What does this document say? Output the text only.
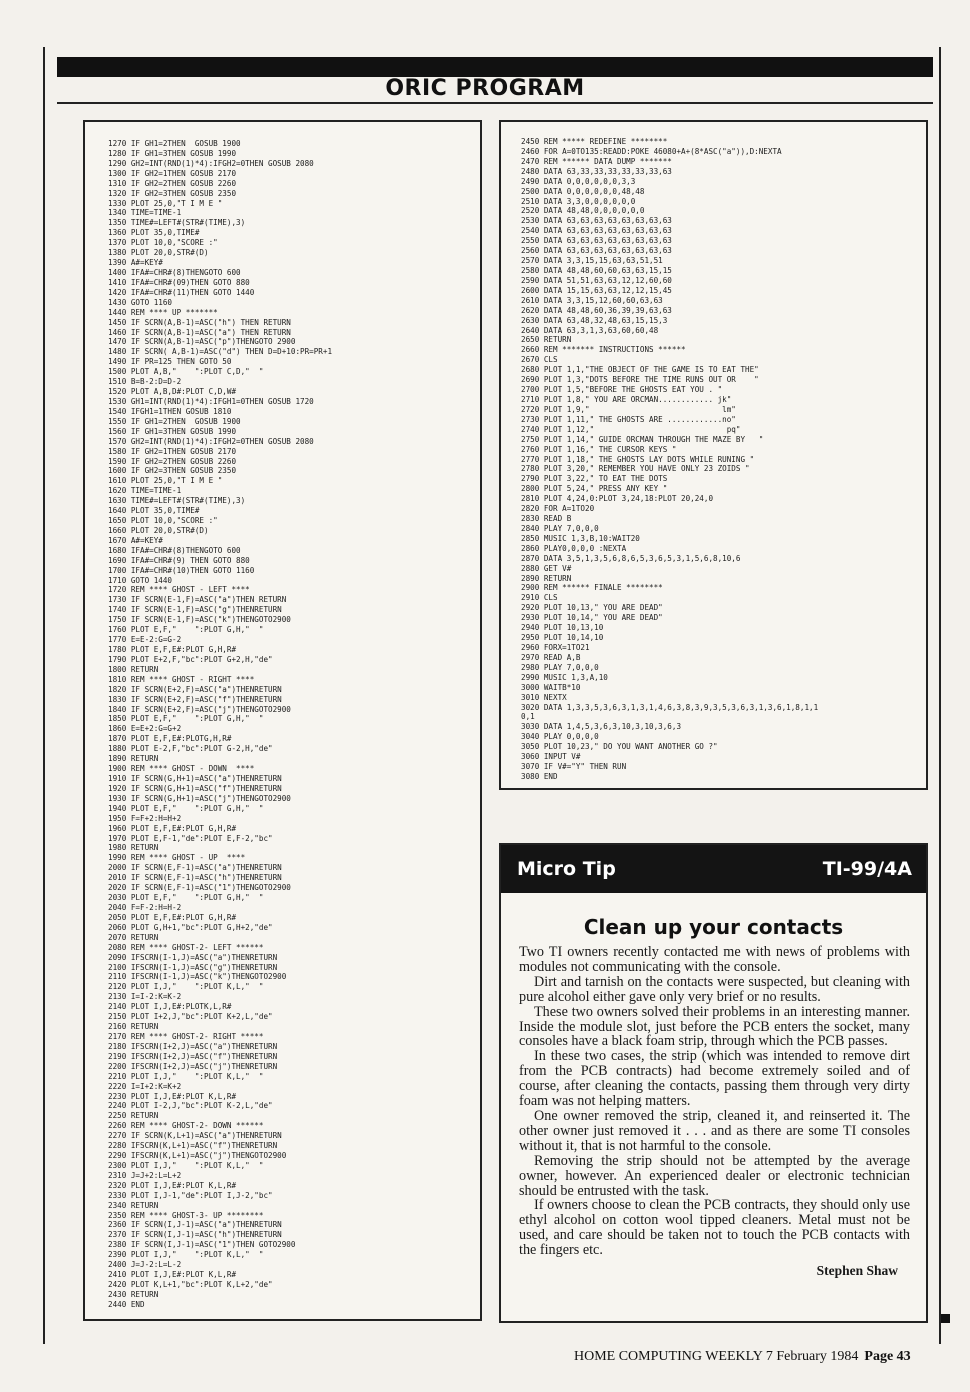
ORIC PROGRAM
1270 IF GH1=2THEN  GOSUB 1900
1280 IF GH1=3THEN GOSUB 1990
1290 GH2=INT(RND(1)*4):IFGH2=0THEN GOSUB 2080
1300 IF GH2=1THEN GOSUB 2170
1310 IF GH2=2THEN GOSUB 2260
1320 IF GH2=3THEN GOSUB 2350
1330 PLOT 25,0,"T I M E "
1340 TIME=TIME-1
1350 TIME#=LEFT#(STR#(TIME),3)
1360 PLOT 35,0,TIME#
1370 PLOT 10,0,"SCORE :"
1380 PLOT 20,0,STR#(D)
1390 A#=KEY#
1400 IFA#=CHR#(8)THENGOTO 600
1410 IFA#=CHR#(09)THEN GOTO 880
1420 IFA#=CHR#(11)THEN GOTO 1440
1430 GOTO 1160
1440 REM **** UP *******
1450 IF SCRN(A,B-1)=ASC("h") THEN RETURN
1460 IF SCRN(A,B-1)=ASC("a") THEN RETURN
1470 IF SCRN(A,B-1)=ASC("p")THENGOTO 2900
1480 IF SCRN( A,B-1)=ASC("d") THEN D=D+10:PR=PR+1
1490 IF PR=125 THEN GOTO 50
1500 PLOT A,B,"    ":PLOT C,D,"  "
1510 B=B-2:D=D-2
1520 PLOT A,B,D#:PLOT C,D,W#
1530 GH1=INT(RND(1)*4):IFGH1=0THEN GOSUB 1720
1540 IFGH1=1THEN GOSUB 1810
1550 IF GH1=2THEN  GOSUB 1900
1560 IF GH1=3THEN GOSUB 1990
1570 GH2=INT(RND(1)*4):IFGH2=0THEN GOSUB 2080
1580 IF GH2=1THEN GOSUB 2170
1590 IF GH2=2THEN GOSUB 2260
1600 IF GH2=3THEN GOSUB 2350
1610 PLOT 25,0,"T I M E "
1620 TIME=TIME-1
1630 TIME#=LEFT#(STR#(TIME),3)
1640 PLOT 35,0,TIME#
1650 PLOT 10,0,"SCORE :"
1660 PLOT 20,0,STR#(D)
1670 A#=KEY#
1680 IFA#=CHR#(8)THENGOTO 600
1690 IFA#=CHR#(9) THEN GOTO 880
1700 IFA#=CHR#(10)THEN GOTO 1160
1710 GOTO 1440
1720 REM **** GHOST - LEFT ****
1730 IF SCRN(E-1,F)=ASC("a")THEN RETURN
1740 IF SCRN(E-1,F)=ASC("g")THENRETURN
1750 IF SCRN(E-1,F)=ASC("k")THENGOTO2900
1760 PLOT E,F,"    ":PLOT G,H,"  "
1770 E=E-2:G=G-2
1780 PLOT E,F,E#:PLOT G,H,R#
1790 PLOT E+2,F,"bc":PLOT G+2,H,"de"
1800 RETURN
1810 REM **** GHOST - RIGHT ****
1820 IF SCRN(E+2,F)=ASC("a")THENRETURN
1830 IF SCRN(E+2,F)=ASC("f")THENRETURN
1840 IF SCRN(E+2,F)=ASC("j")THENGOTO2900
1850 PLOT E,F,"    ":PLOT G,H,"  "
1860 E=E+2:G=G+2
1870 PLOT E,F,E#:PLOTG,H,R#
1880 PLOT E-2,F,"bc":PLOT G-2,H,"de"
1890 RETURN
1900 REM **** GHOST - DOWN  ****
1910 IF SCRN(G,H+1)=ASC("a")THENRETURN
1920 IF SCRN(G,H+1)=ASC("f")THENRETURN
1930 IF SCRN(G,H+1)=ASC("j")THENGOTO2900
1940 PLOT E,F,"    ":PLOT G,H,"  "
1950 F=F+2:H=H+2
1960 PLOT E,F,E#:PLOT G,H,R#
1970 PLOT E,F-1,"de":PLOT E,F-2,"bc"
1980 RETURN
1990 REM **** GHOST - UP  ****
2000 IF SCRN(E,F-1)=ASC("a")THENRETURN
2010 IF SCRN(E,F-1)=ASC("h")THENRETURN
2020 IF SCRN(E,F-1)=ASC("1")THENGOTO2900
2030 PLOT E,F,"    ":PLOT G,H,"  "
2040 F=F-2:H=H-2
2050 PLOT E,F,E#:PLOT G,H,R#
2060 PLOT G,H+1,"bc":PLOT G,H+2,"de"
2070 RETURN
2080 REM **** GHOST-2- LEFT ******
2090 IFSCRN(I-1,J)=ASC("a")THENRETURN
2100 IFSCRN(I-1,J)=ASC("g")THENRETURN
2110 IFSCRN(I-1,J)=ASC("k")THENGOTO2900
2120 PLOT I,J,"    ":PLOT K,L,"  "
2130 I=I-2:K=K-2
2140 PLOT I,J,E#:PLOTK,L,R#
2150 PLOT I+2,J,"bc":PLOT K+2,L,"de"
2160 RETURN
2170 REM **** GHOST-2- RIGHT *****
2180 IFSCRN(I+2,J)=ASC("a")THENRETURN
2190 IFSCRN(I+2,J)=ASC("f")THENRETURN
2200 IFSCRN(I+2,J)=ASC("j")THENRETURN
2210 PLOT I,J,"    ":PLOT K,L,"  "
2220 I=I+2:K=K+2
2230 PLOT I,J,E#:PLOT K,L,R#
2240 PLOT I-2,J,"bc":PLOT K-2,L,"de"
2250 RETURN
2260 REM **** GHOST-2- DOWN ******
2270 IF SCRN(K,L+1)=ASC("a")THENRETURN
2280 IFSCRN(K,L+1)=ASC("f")THENRETURN
2290 IFSCRN(K,L+1)=ASC("j")THENGOTO2900
2300 PLOT I,J,"    ":PLOT K,L,"  "
2310 J=J+2:L=L+2
2320 PLOT I,J,E#:PLOT K,L,R#
2330 PLOT I,J-1,"de":PLOT I,J-2,"bc"
2340 RETURN
2350 REM **** GHOST-3- UP ********
2360 IF SCRN(I,J-1)=ASC("a")THENRETURN
2370 IF SCRN(I,J-1)=ASC("h")THENRETURN
2380 IF SCRN(I,J-1)=ASC("1")THEN GOTO2900
2390 PLOT I,J,"    ":PLOT K,L,"  "
2400 J=J-2:L=L-2
2410 PLOT I,J,E#:PLOT K,L,R#
2420 PLOT K,L+1,"bc":PLOT K,L+2,"de"
2430 RETURN
2440 END
2450 REM ***** REDEFINE ********
2460 FOR A=0TO135:READD:POKE 46080+A+(8*ASC("a")),D:NEXTA
2470 REM ****** DATA DUMP *******
2480 DATA 63,33,33,33,33,33,33,63
2490 DATA 0,0,0,0,0,0,3,3
2500 DATA 0,0,0,0,0,0,48,48
2510 DATA 3,3,0,0,0,0,0,0
2520 DATA 48,48,0,0,0,0,0,0
2530 DATA 63,63,63,63,63,63,63,63
2540 DATA 63,63,63,63,63,63,63,63
2550 DATA 63,63,63,63,63,63,63,63
2560 DATA 63,63,63,63,63,63,63,63
2570 DATA 3,3,15,15,63,63,51,51
2580 DATA 48,48,60,60,63,63,15,15
2590 DATA 51,51,63,63,12,12,60,60
2600 DATA 15,15,63,63,12,12,15,45
2610 DATA 3,3,15,12,60,60,63,63
2620 DATA 48,48,60,36,39,39,63,63
2630 DATA 63,48,32,48,63,15,15,3
2640 DATA 63,3,1,3,63,60,60,48
2650 RETURN
2660 REM ******* INSTRUCTIONS ******
2670 CLS
2680 PLOT 1,1,"THE OBJECT OF THE GAME IS TO EAT THE"
2690 PLOT 1,3,"DOTS BEFORE THE TIME RUNS OUT OR    "
2700 PLOT 1,5,"BEFORE THE GHOSTS EAT YOU . "
2710 PLOT 1,8," YOU ARE ORCMAN............ jk"
2720 PLOT 1,9,"                             lm"
2730 PLOT 1,11," THE GHOSTS ARE ............no"
2740 PLOT 1,12,"                             pq"
2750 PLOT 1,14," GUIDE ORCMAN THROUGH THE MAZE BY   "
2760 PLOT 1,16," THE CURSOR KEYS "
2770 PLOT 1,18," THE GHOSTS LAY DOTS WHILE RUNING "
2780 PLOT 3,20," REMEMBER YOU HAVE ONLY 23 ZOIDS "
2790 PLOT 3,22," TO EAT THE DOTS
2800 PLOT 5,24," PRESS ANY KEY "
2810 PLOT 4,24,0:PLOT 3,24,18:PLOT 20,24,0
2820 FOR A=1TO20
2830 READ B
2840 PLAY 7,0,0,0
2850 MUSIC 1,3,B,10:WAIT20
2860 PLAY0,0,0,0 :NEXTA
2870 DATA 3,5,1,3,5,6,8,6,5,3,6,5,3,1,5,6,8,10,6
2880 GET V#
2890 RETURN
2900 REM ****** FINALE ********
2910 CLS
2920 PLOT 10,13," YOU ARE DEAD"
2930 PLOT 10,14," YOU ARE DEAD"
2940 PLOT 10,13,10
2950 PLOT 10,14,10
2960 FORX=1TO21
2970 READ A,B
2980 PLAY 7,0,0,0
2990 MUSIC 1,3,A,10
3000 WAITB*10
3010 NEXTX
3020 DATA 1,3,3,5,3,6,3,1,3,1,4,6,3,8,3,9,3,5,3,6,3,1,3,6,1,8,1,1
0,1
3030 DATA 1,4,5,3,6,3,10,3,10,3,6,3
3040 PLAY 0,0,0,0
3050 PLOT 10,23," DO YOU WANT ANOTHER GO ?"
3060 INPUT V#
3070 IF V#="Y" THEN RUN
3080 END
Micro Tip	TI-99/4A
Clean up your contacts

Two TI owners recently contacted me with news of problems with modules not communicating with the console.

Dirt and tarnish on the contacts were suspected, but cleaning with pure alcohol either gave only very brief or no results.

These two owners solved their problems in an interesting manner. Inside the module slot, just before the PCB enters the socket, many consoles have a black foam strip, through which the PCB passes.

In these two cases, the strip (which was intended to remove dirt from the PCB contracts) had become extremely soiled and of course, after cleaning the contacts, passing them through very dirty foam was not helping matters.

One owner removed the strip, cleaned it, and reinserted it. The other owner just removed it . . . and as there are some TI consoles without it, that is not harmful to the console.

Removing the strip should not be attempted by the average owner, however. An experienced dealer or electronic technician should be entrusted with the task.

If owners choose to clean the PCB contracts, they should only use ethyl alcohol on cotton wool tipped cleaners. Metal must not be used, and care should be taken not to touch the PCB contacts with the fingers etc.

Stephen Shaw
HOME COMPUTING WEEKLY 7 February 1984 Page 43
